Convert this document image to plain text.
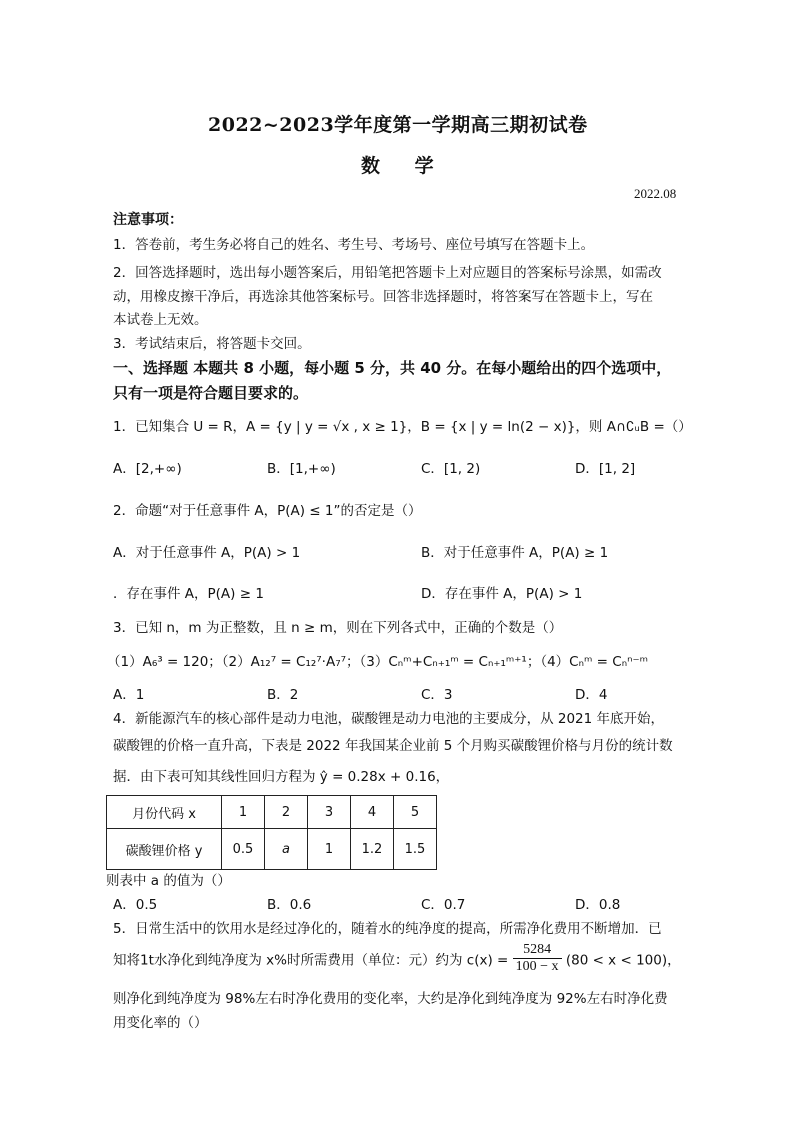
2022~2023学年度第一学期高三期初试卷
数 学
2022.08
注意事项：
1．答卷前，考生务必将自己的姓名、考生号、考场号、座位号填写在答题卡上。
2．回答选择题时，选出每小题答案后，用铅笔把答题卡上对应题目的答案标号涂黑，如需改
动，用橡皮擦干净后，再选涂其他答案标号。回答非选择题时，将答案写在答题卡上，写在
本试卷上无效。
3．考试结束后，将答题卡交回。
一、选择题 本题共 8 小题，每小题 5 分，共 40 分。在每小题给出的四个选项中，
只有一项是符合题目要求的。
1．已知集合 U = R，A = {y | y = √x , x ≥ 1}，B = {x | y = ln(2 − x)}，则 A∩∁ᵤB =（）
A．[2,+∞)	B．[1,+∞)	C．[1, 2)	D．[1, 2]
2．命题“对于任意事件 A，P(A) ≤ 1”的否定是（）
A．对于任意事件 A，P(A) > 1	B．对于任意事件 A，P(A) ≥ 1
．存在事件 A，P(A) ≥ 1	D．存在事件 A，P(A) > 1
3．已知 n，m 为正整数，且 n ≥ m，则在下列各式中，正确的个数是（）
（1）A₆³ = 120；（2）A₁₂⁷ = C₁₂⁷·A₇⁷；（3）Cₙᵐ+Cₙ₊₁ᵐ = Cₙ₊₁ᵐ⁺¹；（4）Cₙᵐ = Cₙⁿ⁻ᵐ
A．1	B．2	C．3	D．4
4．新能源汽车的核心部件是动力电池，碳酸锂是动力电池的主要成分，从 2021 年底开始，
碳酸锂的价格一直升高，下表是 2022 年我国某企业前 5 个月购买碳酸锂价格与月份的统计数
据．由下表可知其线性回归方程为 ŷ = 0.28x + 0.16，
月份代码 x	1	2	3	4	5
碳酸锂价格 y	0.5	a	1	1.2	1.5
则表中 a 的值为（）
A．0.5	B．0.6	C．0.7	D．0.8
5．日常生活中的饮用水是经过净化的，随着水的纯净度的提高，所需净化费用不断增加．已
知将1t水净化到纯净度为 x%时所需费用（单位：元）约为 $c(x) = \frac{5284}{100 - x} (80 < x < 100)$，
则净化到纯净度为 98%左右时净化费用的变化率，大约是净化到纯净度为 92%左右时净化费
用变化率的（）
